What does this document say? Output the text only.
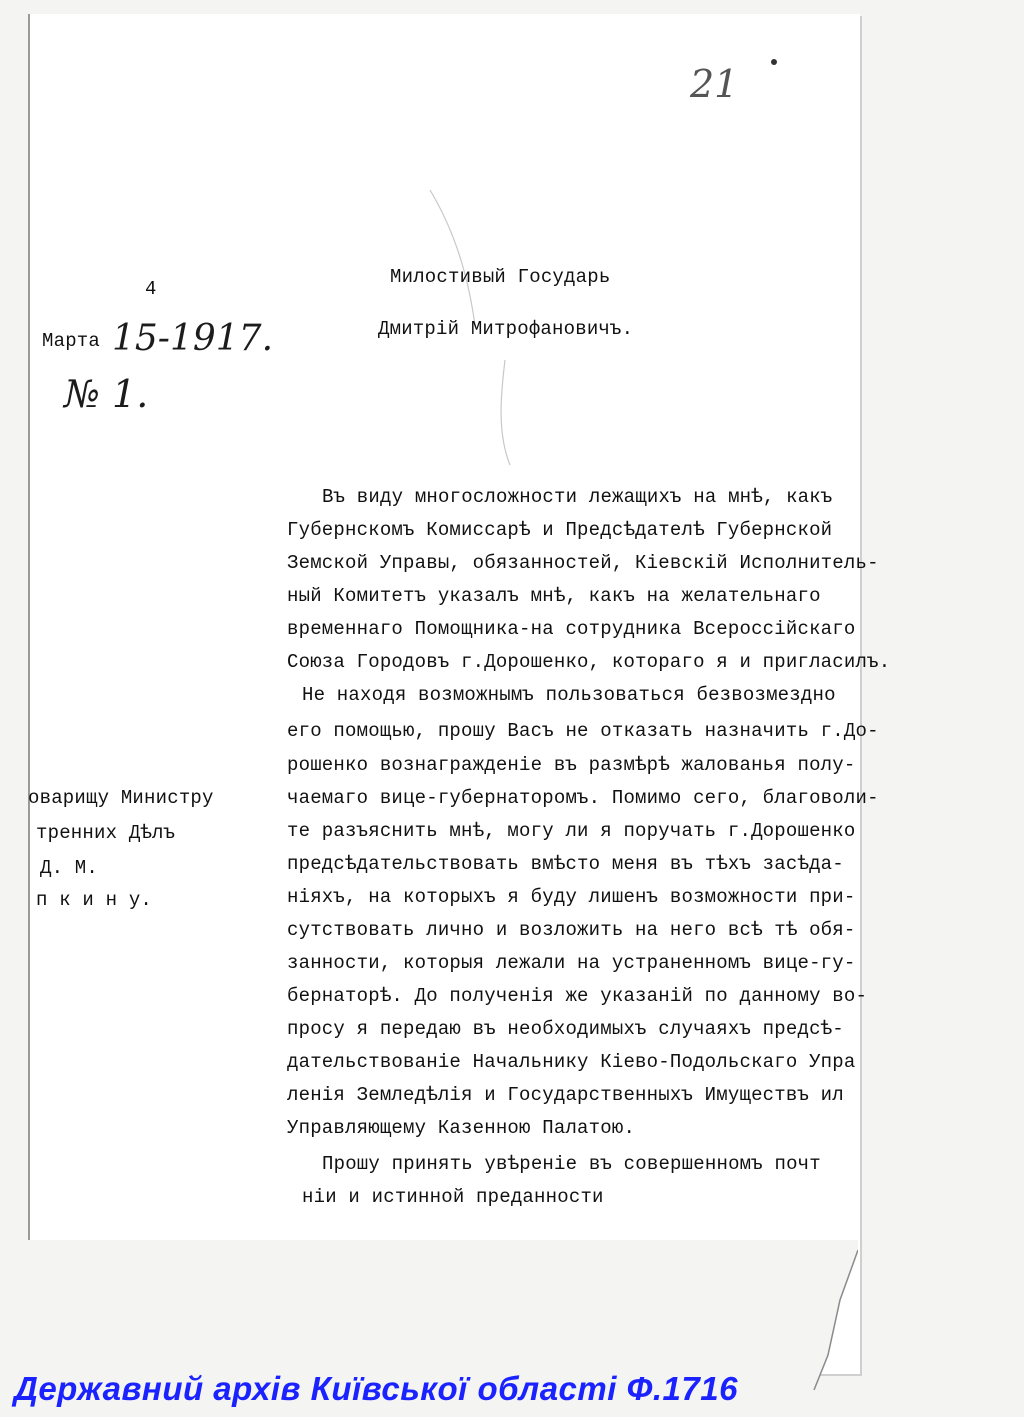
21
4
Марта 15-1917.
№ 1.
оварищу Министру
тренних Дѣлъ
Д. М.
п к и н у.
Милостивый Государь
Дмитрій Митрофановичъ.
Въ виду многосложности лежащихъ на мнѣ, какъ
Губернскомъ Комиссарѣ и Предсѣдателѣ Губернской
Земской Управы, обязанностей, Кіевскій Исполнитель-
ный Комитетъ указалъ мнѣ, какъ на желательнаго
временнаго Помощника-на сотрудника Всероссійскаго
Союза Городовъ г.Дорошенко, котораго я и пригласилъ.
Не находя возможнымъ пользоваться безвозмездно
его помощью, прошу Васъ не отказать назначить г.До-
рошенко вознагражденіе въ размѣрѣ жалованья полу-
чаемаго вице-губернаторомъ. Помимо сего, благоволи-
те разъяснить мнѣ, могу ли я поручать г.Дорошенко
предсѣдательствовать вмѣсто меня въ тѣхъ засѣда-
ніяхъ, на которыхъ я буду лишенъ возможности при-
сутствовать лично и возложить на него всѣ тѣ обя-
занности, которыя лежали на устраненномъ вице-гу-
бернаторѣ. До полученія же указаній по данному во-
просу я передаю въ необходимыхъ случаяхъ предсѣ-
дательствованіе Начальнику Кіево-Подольскаго Упра
ленія Земледѣлія и Государственныхъ Имуществъ ил
Управляющему Казенною Палатою.
Прошу принять увѣреніе въ совершенномъ почт
ніи и истинной преданности
Державний архів Київської області Ф.1716
